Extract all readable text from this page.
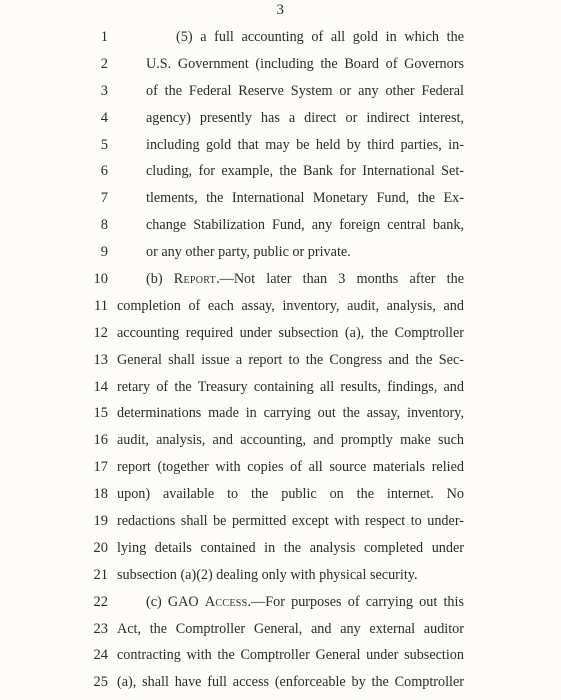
3
1	(5) a full accounting of all gold in which the
2	U.S. Government (including the Board of Governors
3	of the Federal Reserve System or any other Federal
4	agency) presently has a direct or indirect interest,
5	including gold that may be held by third parties, in-
6	cluding, for example, the Bank for International Set-
7	tlements, the International Monetary Fund, the Ex-
8	change Stabilization Fund, any foreign central bank,
9	or any other party, public or private.
10	(b) Report.—Not later than 3 months after the
11 completion of each assay, inventory, audit, analysis, and
12 accounting required under subsection (a), the Comptroller
13 General shall issue a report to the Congress and the Sec-
14 retary of the Treasury containing all results, findings, and
15 determinations made in carrying out the assay, inventory,
16 audit, analysis, and accounting, and promptly make such
17 report (together with copies of all source materials relied
18 upon) available to the public on the internet. No
19 redactions shall be permitted except with respect to under-
20 lying details contained in the analysis completed under
21 subsection (a)(2) dealing only with physical security.
22	(c) GAO Access.—For purposes of carrying out this
23 Act, the Comptroller General, and any external auditor
24 contracting with the Comptroller General under subsection
25 (a), shall have full access (enforceable by the Comptroller
